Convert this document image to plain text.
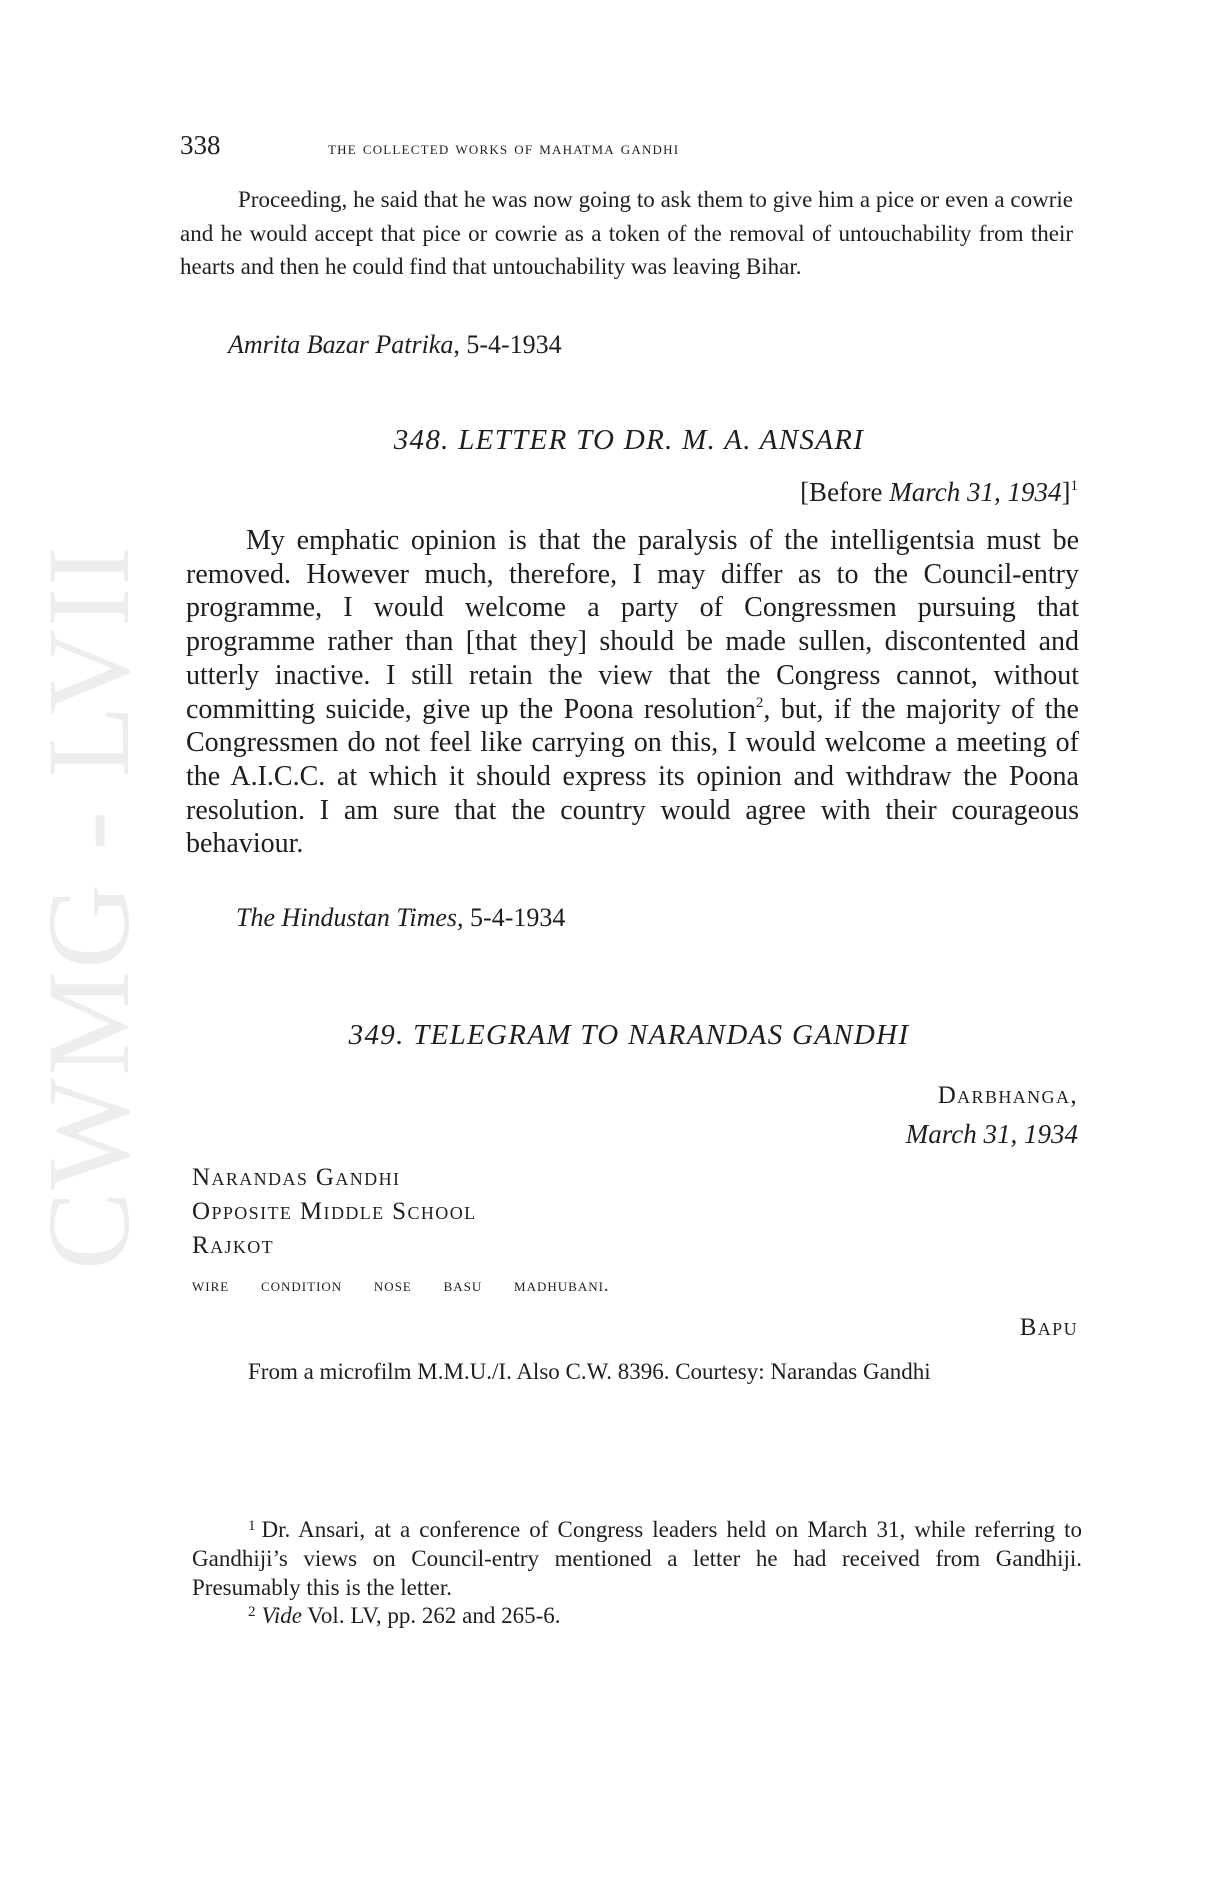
CWMG - LVII
338	the collected works of mahatma gandhi

Proceeding, he said that he was now going to ask them to give him a pice or even a cowrie and he would accept that pice or cowrie as a token of the removal of untouchability from their hearts and then he could find that untouchability was leaving Bihar.

Amrita Bazar Patrika, 5-4-1934
348. LETTER TO DR. M. A. ANSARI
[Before March 31, 1934]$^1$

My emphatic opinion is that the paralysis of the intelligentsia must be removed. However much, therefore, I may differ as to the Council-entry programme, I would welcome a party of Congressmen pursuing that programme rather than [that they] should be made sullen, discontented and utterly inactive. I still retain the view that the Congress cannot, without committing suicide, give up the Poona resolution$^2$, but, if the majority of the Congressmen do not feel like carrying on this, I would welcome a meeting of the A.I.C.C. at which it should express its opinion and withdraw the Poona resolution. I am sure that the country would agree with their courageous behaviour.

The Hindustan Times, 5-4-1934
349. TELEGRAM TO NARANDAS GANDHI
Darbhanga,
March 31, 1934
Narandas Gandhi
Opposite Middle School
Rajkot
wire condition nose basu madhubani.
Bapu

From a microfilm M.M.U./I. Also C.W. 8396. Courtesy: Narandas Gandhi

$^1$ Dr. Ansari, at a conference of Congress leaders held on March 31, while referring to Gandhiji’s views on Council-entry mentioned a letter he had received from Gandhiji. Presumably this is the letter.

$^2$ Vide Vol. LV, pp. 262 and 265-6.
